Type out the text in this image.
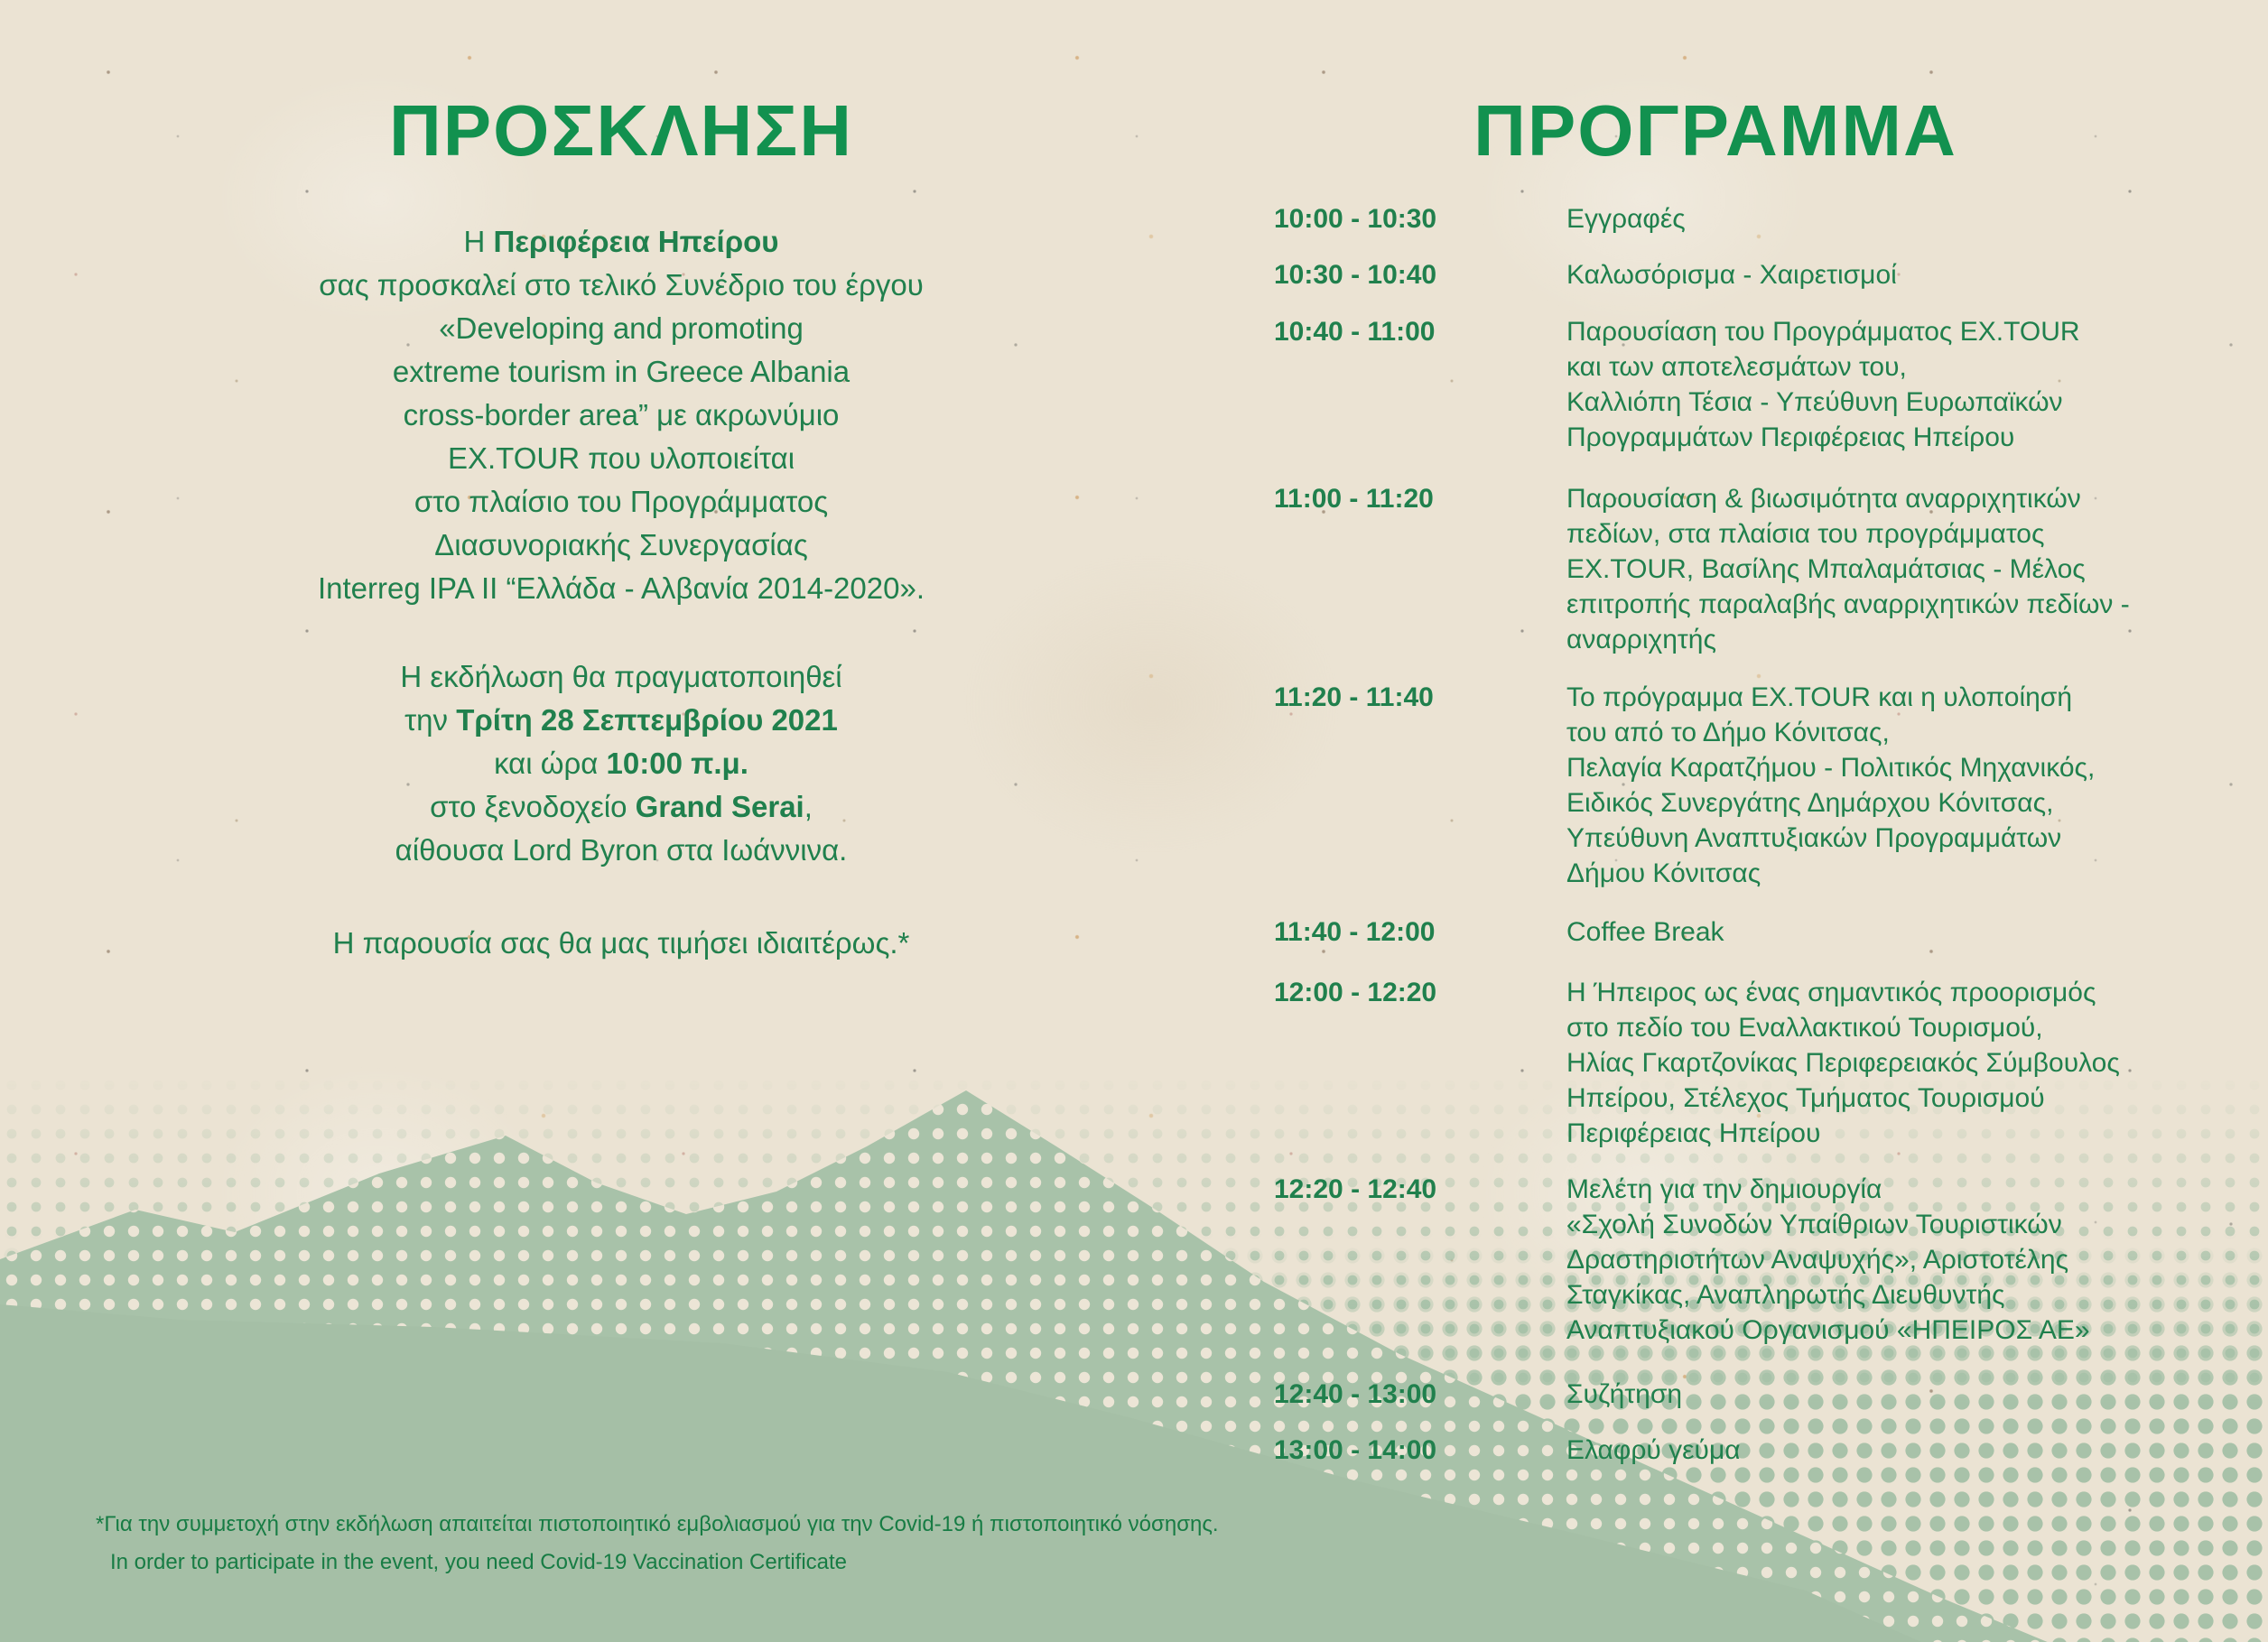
ΠΡΟΣΚΛΗΣΗ
Η Περιφέρεια Ηπείρου
σας προσκαλεί στο τελικό Συνέδριο του έργου
«Developing and promoting
extreme tourism in Greece Albania
cross-border area” με ακρωνύμιο
EX.TOUR που υλοποιείται
στο πλαίσιο του Προγράμματος
Διασυνοριακής Συνεργασίας
Interreg IPA II “Ελλάδα - Αλβανία 2014-2020».
Η εκδήλωση θα πραγματοποιηθεί
την Τρίτη 28 Σεπτεμβρίου 2021
και ώρα 10:00 π.μ.
στο ξενοδοχείο Grand Serai,
αίθουσα Lord Byron στα Ιωάννινα.
Η παρουσία σας θα μας τιμήσει ιδιαιτέρως.*
ΠΡΟΓΡΑΜΜΑ
10:00 - 10:30	Εγγραφές
10:30 - 10:40	Καλωσόρισμα - Χαιρετισμοί
10:40 - 11:00	Παρουσίαση του Προγράμματος EX.TOUR
και των αποτελεσμάτων του,
Καλλιόπη Τέσια - Υπεύθυνη Ευρωπαϊκών
Προγραμμάτων Περιφέρειας Ηπείρου
11:00 - 11:20	Παρουσίαση & βιωσιμότητα αναρριχητικών
πεδίων, στα πλαίσια του προγράμματος
EX.TOUR, Βασίλης Μπαλαμάτσιας - Μέλος
επιτροπής παραλαβής αναρριχητικών πεδίων -
αναρριχητής
11:20 - 11:40	Το πρόγραμμα EX.TOUR και η υλοποίησή
του από το Δήμο Κόνιτσας,
Πελαγία Καρατζήμου - Πολιτικός Μηχανικός,
Ειδικός Συνεργάτης Δημάρχου Κόνιτσας,
Υπεύθυνη Αναπτυξιακών Προγραμμάτων
Δήμου Κόνιτσας
11:40 - 12:00	Coffee Break
12:00 - 12:20	Η Ήπειρος ως ένας σημαντικός προορισμός
στο πεδίο του Εναλλακτικού Τουρισμού,
Ηλίας Γκαρτζονίκας Περιφερειακός Σύμβουλος
Ηπείρου, Στέλεχος Τμήματος Τουρισμού
Περιφέρειας Ηπείρου
12:20 - 12:40	Μελέτη για την δημιουργία
«Σχολή Συνοδών Υπαίθριων Τουριστικών
Δραστηριοτήτων Αναψυχής», Αριστοτέλης
Σταγκίκας, Αναπληρωτής Διευθυντής
Αναπτυξιακού Οργανισμού «ΗΠΕΙΡΟΣ ΑΕ»
12:40 - 13:00	Συζήτηση
13:00 - 14:00	Ελαφρύ γεύμα
*Για την συμμετοχή στην εκδήλωση απαιτείται πιστοποιητικό εμβολιασμού για την Covid-19 ή πιστοποιητικό νόσησης.
In order to participate in the event, you need Covid-19 Vaccination Certificate
